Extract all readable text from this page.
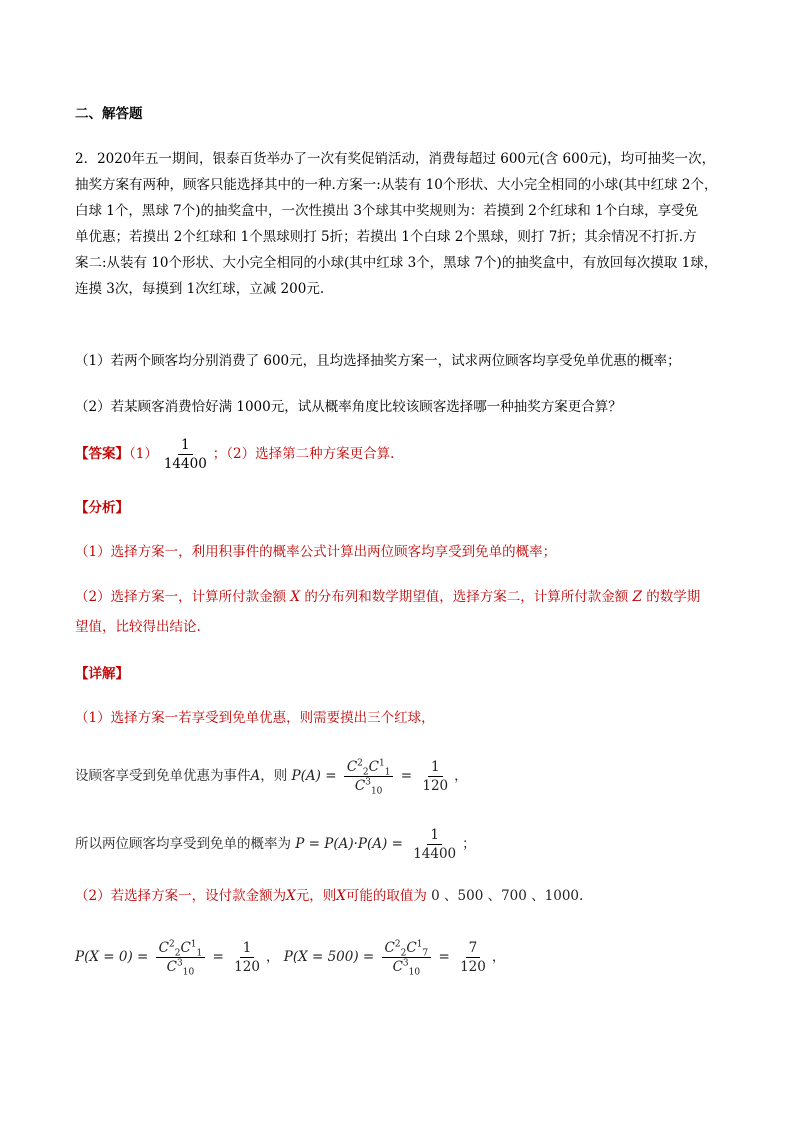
二、解答题
2．2020年五一期间，银泰百货举办了一次有奖促销活动，消费每超过 600元(含 600元)，均可抽奖一次，
抽奖方案有两种，顾客只能选择其中的一种.方案一:从装有 10个形状、大小完全相同的小球(其中红球 2个，
白球 1个，黑球 7个)的抽奖盒中，一次性摸出 3个球其中奖规则为：若摸到 2个红球和 1个白球，享受免
单优惠；若摸出 2个红球和 1个黑球则打 5折；若摸出 1个白球 2个黑球，则打 7折；其余情况不打折.方
案二:从装有 10个形状、大小完全相同的小球(其中红球 3个，黑球 7个)的抽奖盒中，有放回每次摸取 1球，
连摸 3次，每摸到 1次红球，立减 200元.
（1）若两个顾客均分别消费了 600元，且均选择抽奖方案一，试求两位顾客均享受免单优惠的概率；
（2）若某顾客消费恰好满 1000元，试从概率角度比较该顾客选择哪一种抽奖方案更合算？
【答案】$(1) \frac{1}{14400}$ ；（2）选择第二种方案更合算.
【分析】
（1）选择方案一，利用积事件的概率公式计算出两位顾客均享受到免单的概率；
（2）选择方案一，计算所付款金额 X 的分布列和数学期望值，选择方案二，计算所付款金额 Z 的数学期
望值，比较得出结论.
【详解】
（1）选择方案一若享受到免单优惠，则需要摸出三个红球，
设顾客享受到免单优惠为事件A，则 $P(A) = \frac{C^2_2C^1_1}{C^3_{10}} = \frac{1}{120}$ ，
所以两位顾客均享受到免单的概率为 $P = P(A)\cdot P(A) = \frac{1}{14400}$ ；
（2）若选择方案一，设付款金额为X元，则X可能的取值为 0 、500 、700 、1000.
$P(X = 0) = \frac{C^2_2C^1_1}{C^3_{10}} = \frac{1}{120}$ ， $P(X = 500) = \frac{C^2_2C^1_7}{C^3_{10}} = \frac{7}{120}$ ，
